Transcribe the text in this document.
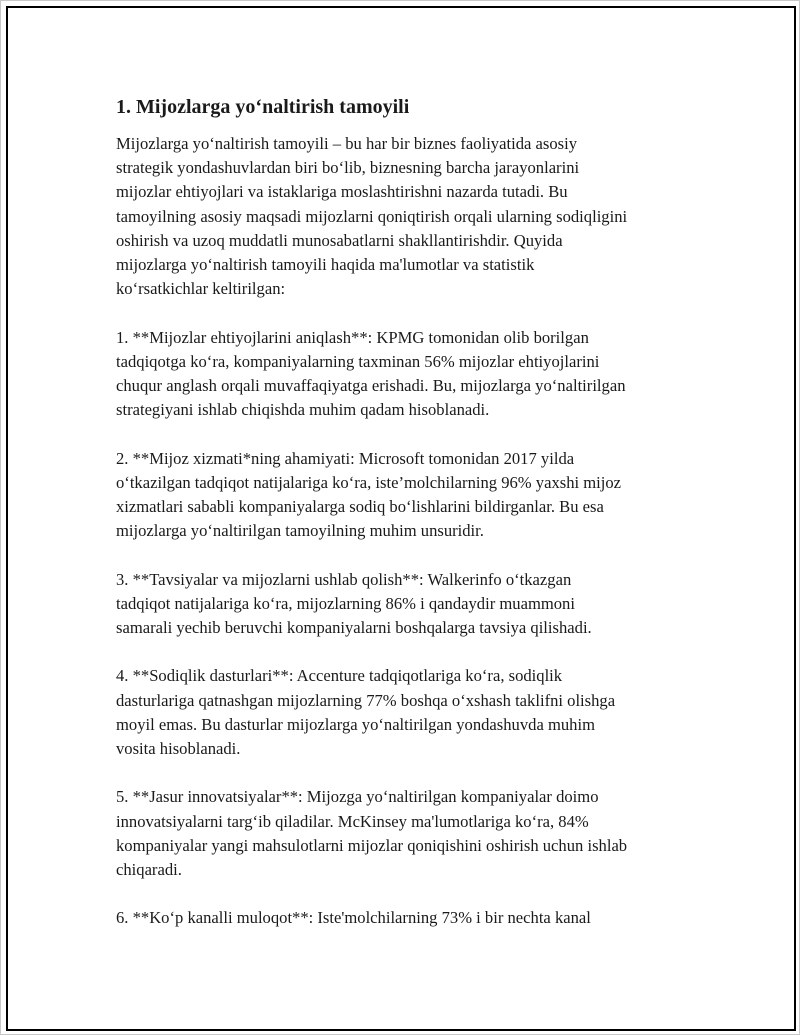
1. Mijozlarga yo‘naltirish tamoyili

Mijozlarga yo‘naltirish tamoyili – bu har bir biznes faoliyatida asosiy
strategik yondashuvlardan biri bo‘lib, biznesning barcha jarayonlarini
mijozlar ehtiyojlari va istaklariga moslashtirishni nazarda tutadi. Bu
tamoyilning asosiy maqsadi mijozlarni qoniqtirish orqali ularning sodiqligini
oshirish va uzoq muddatli munosabatlarni shakllantirishdir. Quyida
mijozlarga yo‘naltirish tamoyili haqida ma'lumotlar va statistik
ko‘rsatkichlar keltirilgan:

1. **Mijozlar ehtiyojlarini aniqlash**: KPMG tomonidan olib borilgan
tadqiqotga ko‘ra, kompaniyalarning taxminan 56% mijozlar ehtiyojlarini
chuqur anglash orqali muvaffaqiyatga erishadi. Bu, mijozlarga yo‘naltirilgan
strategiyani ishlab chiqishda muhim qadam hisoblanadi.

2. **Mijoz xizmati*ning ahamiyati: Microsoft tomonidan 2017 yilda
o‘tkazilgan tadqiqot natijalariga ko‘ra, iste’molchilarning 96% yaxshi mijoz
xizmatlari sababli kompaniyalarga sodiq bo‘lishlarini bildirganlar. Bu esa
mijozlarga yo‘naltirilgan tamoyilning muhim unsuridir.

3. **Tavsiyalar va mijozlarni ushlab qolish**: Walkerinfo o‘tkazgan
tadqiqot natijalariga ko‘ra, mijozlarning 86% i qandaydir muammoni
samarali yechib beruvchi kompaniyalarni boshqalarga tavsiya qilishadi.

4. **Sodiqlik dasturlari**: Accenture tadqiqotlariga ko‘ra, sodiqlik
dasturlariga qatnashgan mijozlarning 77% boshqa o‘xshash taklifni olishga
moyil emas. Bu dasturlar mijozlarga yo‘naltirilgan yondashuvda muhim
vosita hisoblanadi.

5. **Jasur innovatsiyalar**: Mijozga yo‘naltirilgan kompaniyalar doimo
innovatsiyalarni targ‘ib qiladilar. McKinsey ma'lumotlariga ko‘ra, 84%
kompaniyalar yangi mahsulotlarni mijozlar qoniqishini oshirish uchun ishlab
chiqaradi.

6. **Ko‘p kanalli muloqot**: Iste'molchilarning 73% i bir nechta kanal
